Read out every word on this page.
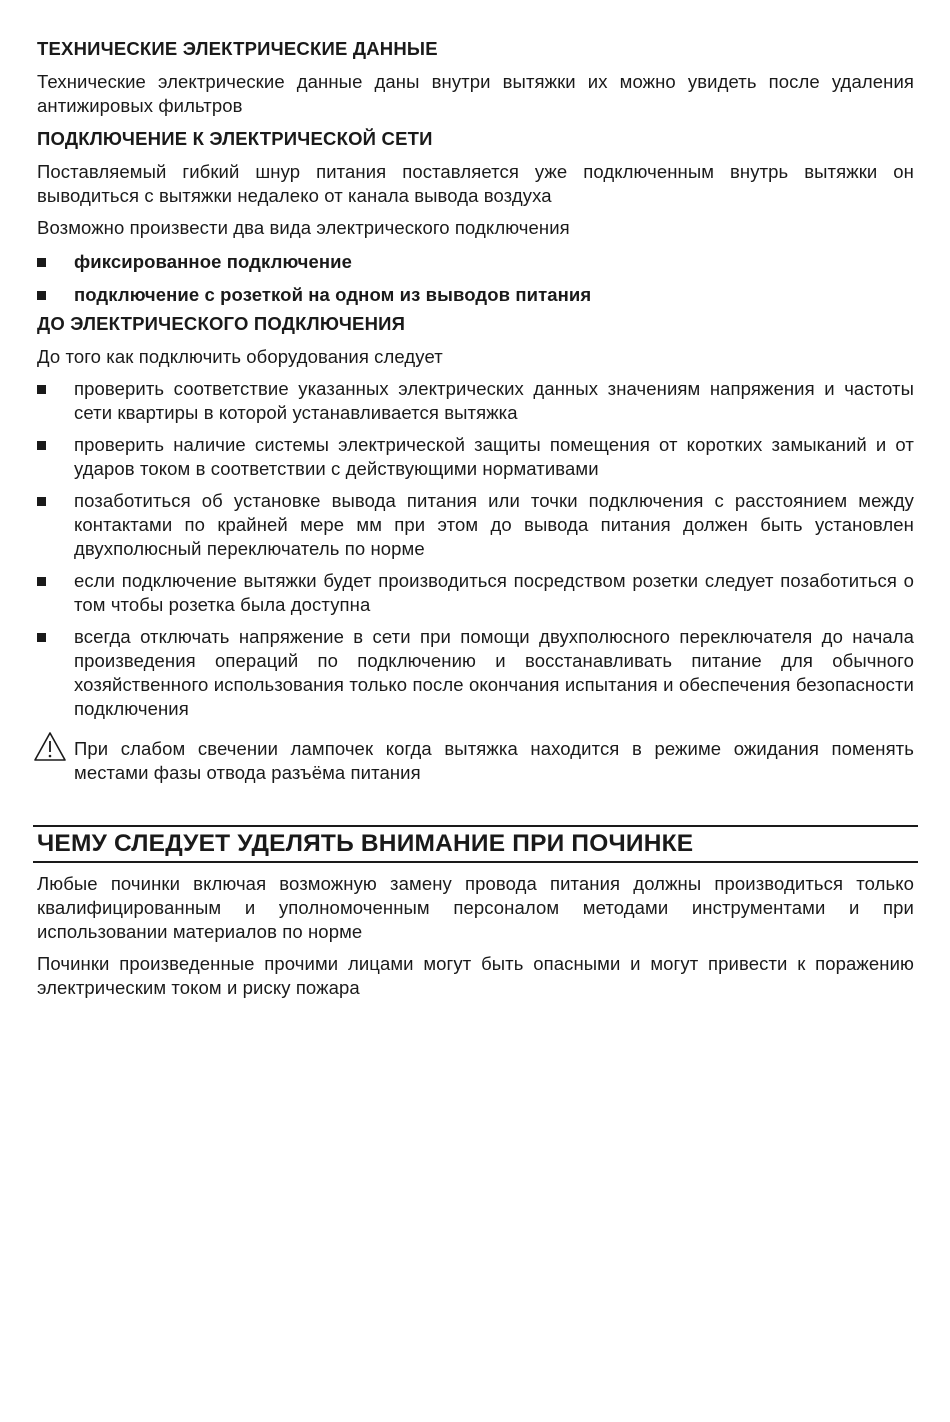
ТЕХНИЧЕСКИЕ ЭЛЕКТРИЧЕСКИЕ ДАННЫЕ

Технические электрические данные даны внутри вытяжки их можно увидеть после удаления антижировых фильтров

ПОДКЛЮЧЕНИЕ К ЭЛЕКТРИЧЕСКОЙ СЕТИ

Поставляемый гибкий шнур питания поставляется уже подключенным внутрь вытяжки он выводиться с вытяжки недалеко от канала вывода воздуха

Возможно произвести два вида электрического подключения

фиксированное подключение
подключение с розеткой на одном из выводов питания
ДО ЭЛЕКТРИЧЕСКОГО ПОДКЛЮЧЕНИЯ

До того как подключить оборудования следует

проверить соответствие указанных электрических данных значениям напряжения и частоты сети квартиры в которой устанавливается вытяжка
проверить наличие системы электрической защиты помещения от коротких замыканий и от ударов током в соответствии с действующими нормативами
позаботиться об установке вывода питания или точки подключения с расстоянием между контактами по крайней мере мм при этом до вывода питания должен быть установлен двухполюсный переключатель по норме
если подключение вытяжки будет производиться посредством розетки следует позаботиться о том чтобы розетка была доступна
всегда отключать напряжение в сети при помощи двухполюсного переключателя до начала произведения операций по подключению и восстанавливать питание для обычного хозяйственного использования только после окончания испытания и обеспечения безопасности подключения

При слабом свечении лампочек когда вытяжка находится в режиме ожидания поменять местами фазы отвода разъёма питания

ЧЕМУ СЛЕДУЕТ УДЕЛЯТЬ ВНИМАНИЕ ПРИ ПОЧИНКЕ

Любые починки включая возможную замену провода питания должны производиться только квалифицированным и уполномоченным персоналом методами инструментами и при использовании материалов по норме

Починки произведенные прочими лицами могут быть опасными и могут привести к поражению электрическим током и риску пожара
